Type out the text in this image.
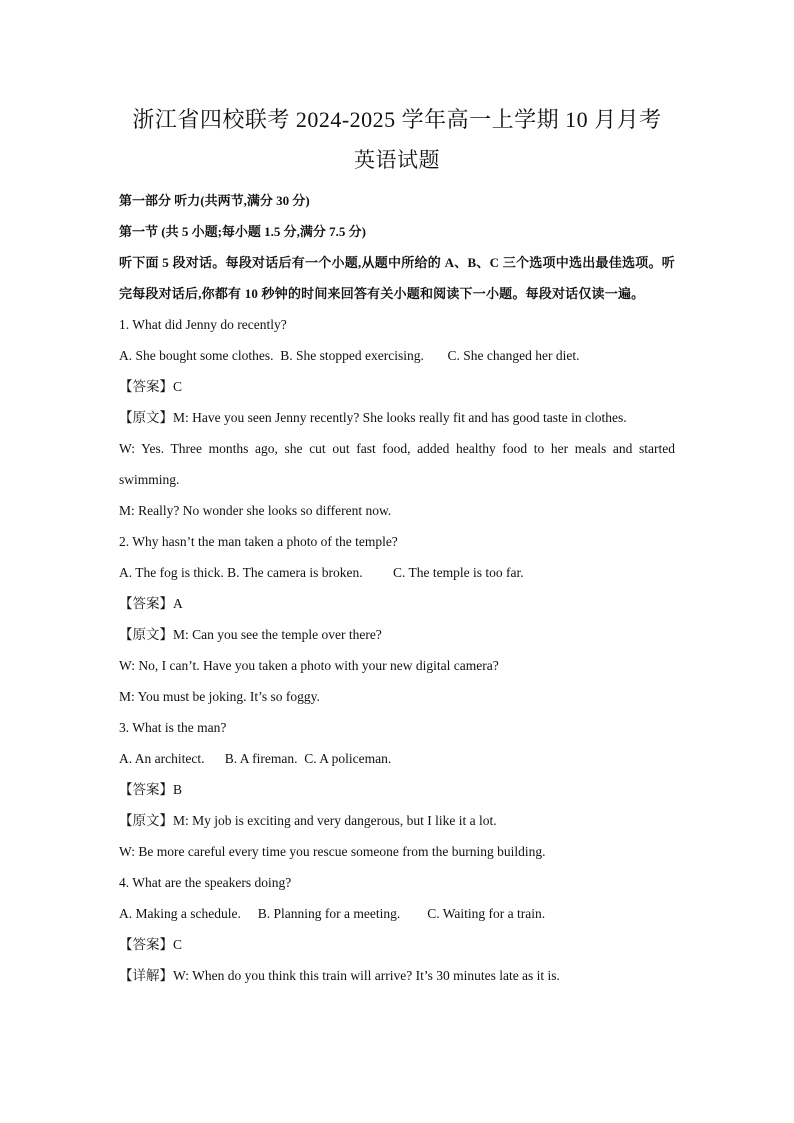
浙江省四校联考 2024-2025 学年高一上学期 10 月月考
英语试题

第一部分 听力(共两节,满分 30 分)

第一节 (共 5 小题;每小题 1.5 分,满分 7.5 分)

听下面 5 段对话。每段对话后有一个小题,从题中所给的 A、B、C 三个选项中选出最佳选项。听完每段对话后,你都有 10 秒钟的时间来回答有关小题和阅读下一小题。每段对话仅读一遍。

1. What did Jenny do recently?

A. She bought some clothes. B. She stopped exercising. C. She changed her diet.

【答案】C

【原文】M: Have you seen Jenny recently? She looks really fit and has good taste in clothes.

W: Yes. Three months ago, she cut out fast food, added healthy food to her meals and started swimming.

M: Really? No wonder she looks so different now.

2. Why hasn’t the man taken a photo of the temple?

A. The fog is thick. B. The camera is broken. C. The temple is too far.

【答案】A

【原文】M: Can you see the temple over there?

W: No, I can’t. Have you taken a photo with your new digital camera?

M: You must be joking. It’s so foggy.

3. What is the man?

A. An architect. B. A fireman. C. A policeman.

【答案】B

【原文】M: My job is exciting and very dangerous, but I like it a lot.

W: Be more careful every time you rescue someone from the burning building.

4. What are the speakers doing?

A. Making a schedule. B. Planning for a meeting. C. Waiting for a train.

【答案】C

【详解】W: When do you think this train will arrive? It’s 30 minutes late as it is.
